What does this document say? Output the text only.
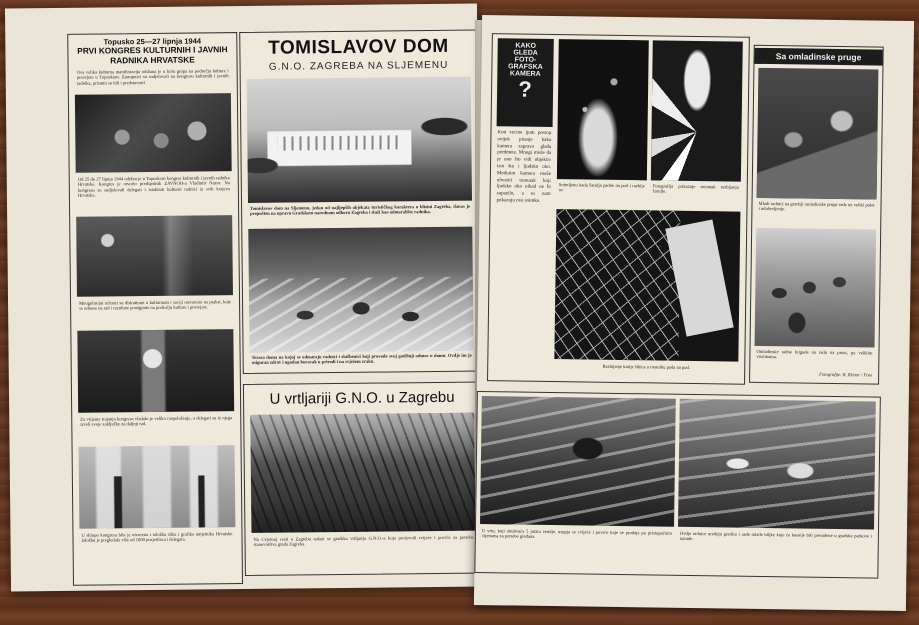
Topusko 25—27 lipnja 1944
PRVI KONGRES KULTURNIH I JAVNIH RADNIKA HRVATSKE
Ova velika kulturna manifestacija održana je u kolu grupa na području kulture i prosvjete u Topuskom. Zastupnici su sudjelovali na kongresu kulturnih i javnih radnika, prisutni su bili i predstavnici
Od 25 do 27 lipnja 1944 održan je u Topuskom kongres kulturnih i javnih radnika Hrvatske. Kongres je otvorio predsjednik ZAVNOH-a Vladimir Nazor. Na kongresu su sudjelovali delegati i istaknuti kulturni radnici iz svih krajeva Hrvatske.
Mnogobrojni referati su diskutirani u kulturnom i sociji ostvareno na praksi, koje se odnose na rad i rezultate postignute na području kulture i prosvjete.
Za vrijeme trajanja kongresa vladalo je veliko raspoloženje, a delegati su iz njega izveli svoje zaključke za daljnji rad.
U sklopu kongresa bila je otvorena i izložba slika i grafika umjetnika Hrvatske. Izložbu je pregledalo više od 1000 posjetilaca i delegata.
TOMISLAVOV DOM
G.N.O. ZAGREBA NA SLJEMENU
Tomislavov dom na Sljemenu, jedan od najljepših objekata turističkog karaktera u blizini Zagreba, danas je prepušten na upravu Gradskom narodnom odboru Zagreba i služi kao odmaralište radnika.
Terasa doma na kojoj se odmaraju radnici i službenici koji provode svoj godišnji odmor u domu. Ovdje im je osiguran zdrav i ugodan boravak u prirodi i na svježem zraku.
U vrtljariji G.N.O. u Zagrebu
Na Cvjetnoj cesti u Zagrebu nalazi se gradska vrtljarija G.N.O.-a koja proizvodi cvijeće i povrće za potrebe stanovništva grada Zagreba.
KAKO
GLEDA
FOTO-
GRAFSKA
KAMERA
?
Kod većine ljudi postoji uvijek pitanje kako kamera zapravo gleda predmete. Mnogi misle da je ono što vidi objektiv isto što i ljudsko oko. Međutim kamera može uhvatiti trenutak koji ljudsko oko nikad ne bi zapazilo, a to nam pokazuju ove snimke.
Snimljeno kada žarulja padne na pod i razbije se.
Fotografija prikazuje trenutak razbijanja žarulje.
Razbijanje kutije šibica u trenutku pada na pod.
Sa omladinske pruge
Mladi radnici na gradnji omladinske pruge rade uz veliki polet i oduševljenje.
Omladinske radne brigade na radu na pruzi, po velikim vrućinama.
Fotografije: R. Klinar / Foto
U vrtu, koji obuhvaća 5 jutara zemlje, uzgaja se cvijeće i povrće koje se prodaje po pristupačnim cijenama za potrebe građana.	Ovdje radnice uređuju gredice i sade mlade biljke koje će kasnije biti presađene u gradske parkove i nasade.
